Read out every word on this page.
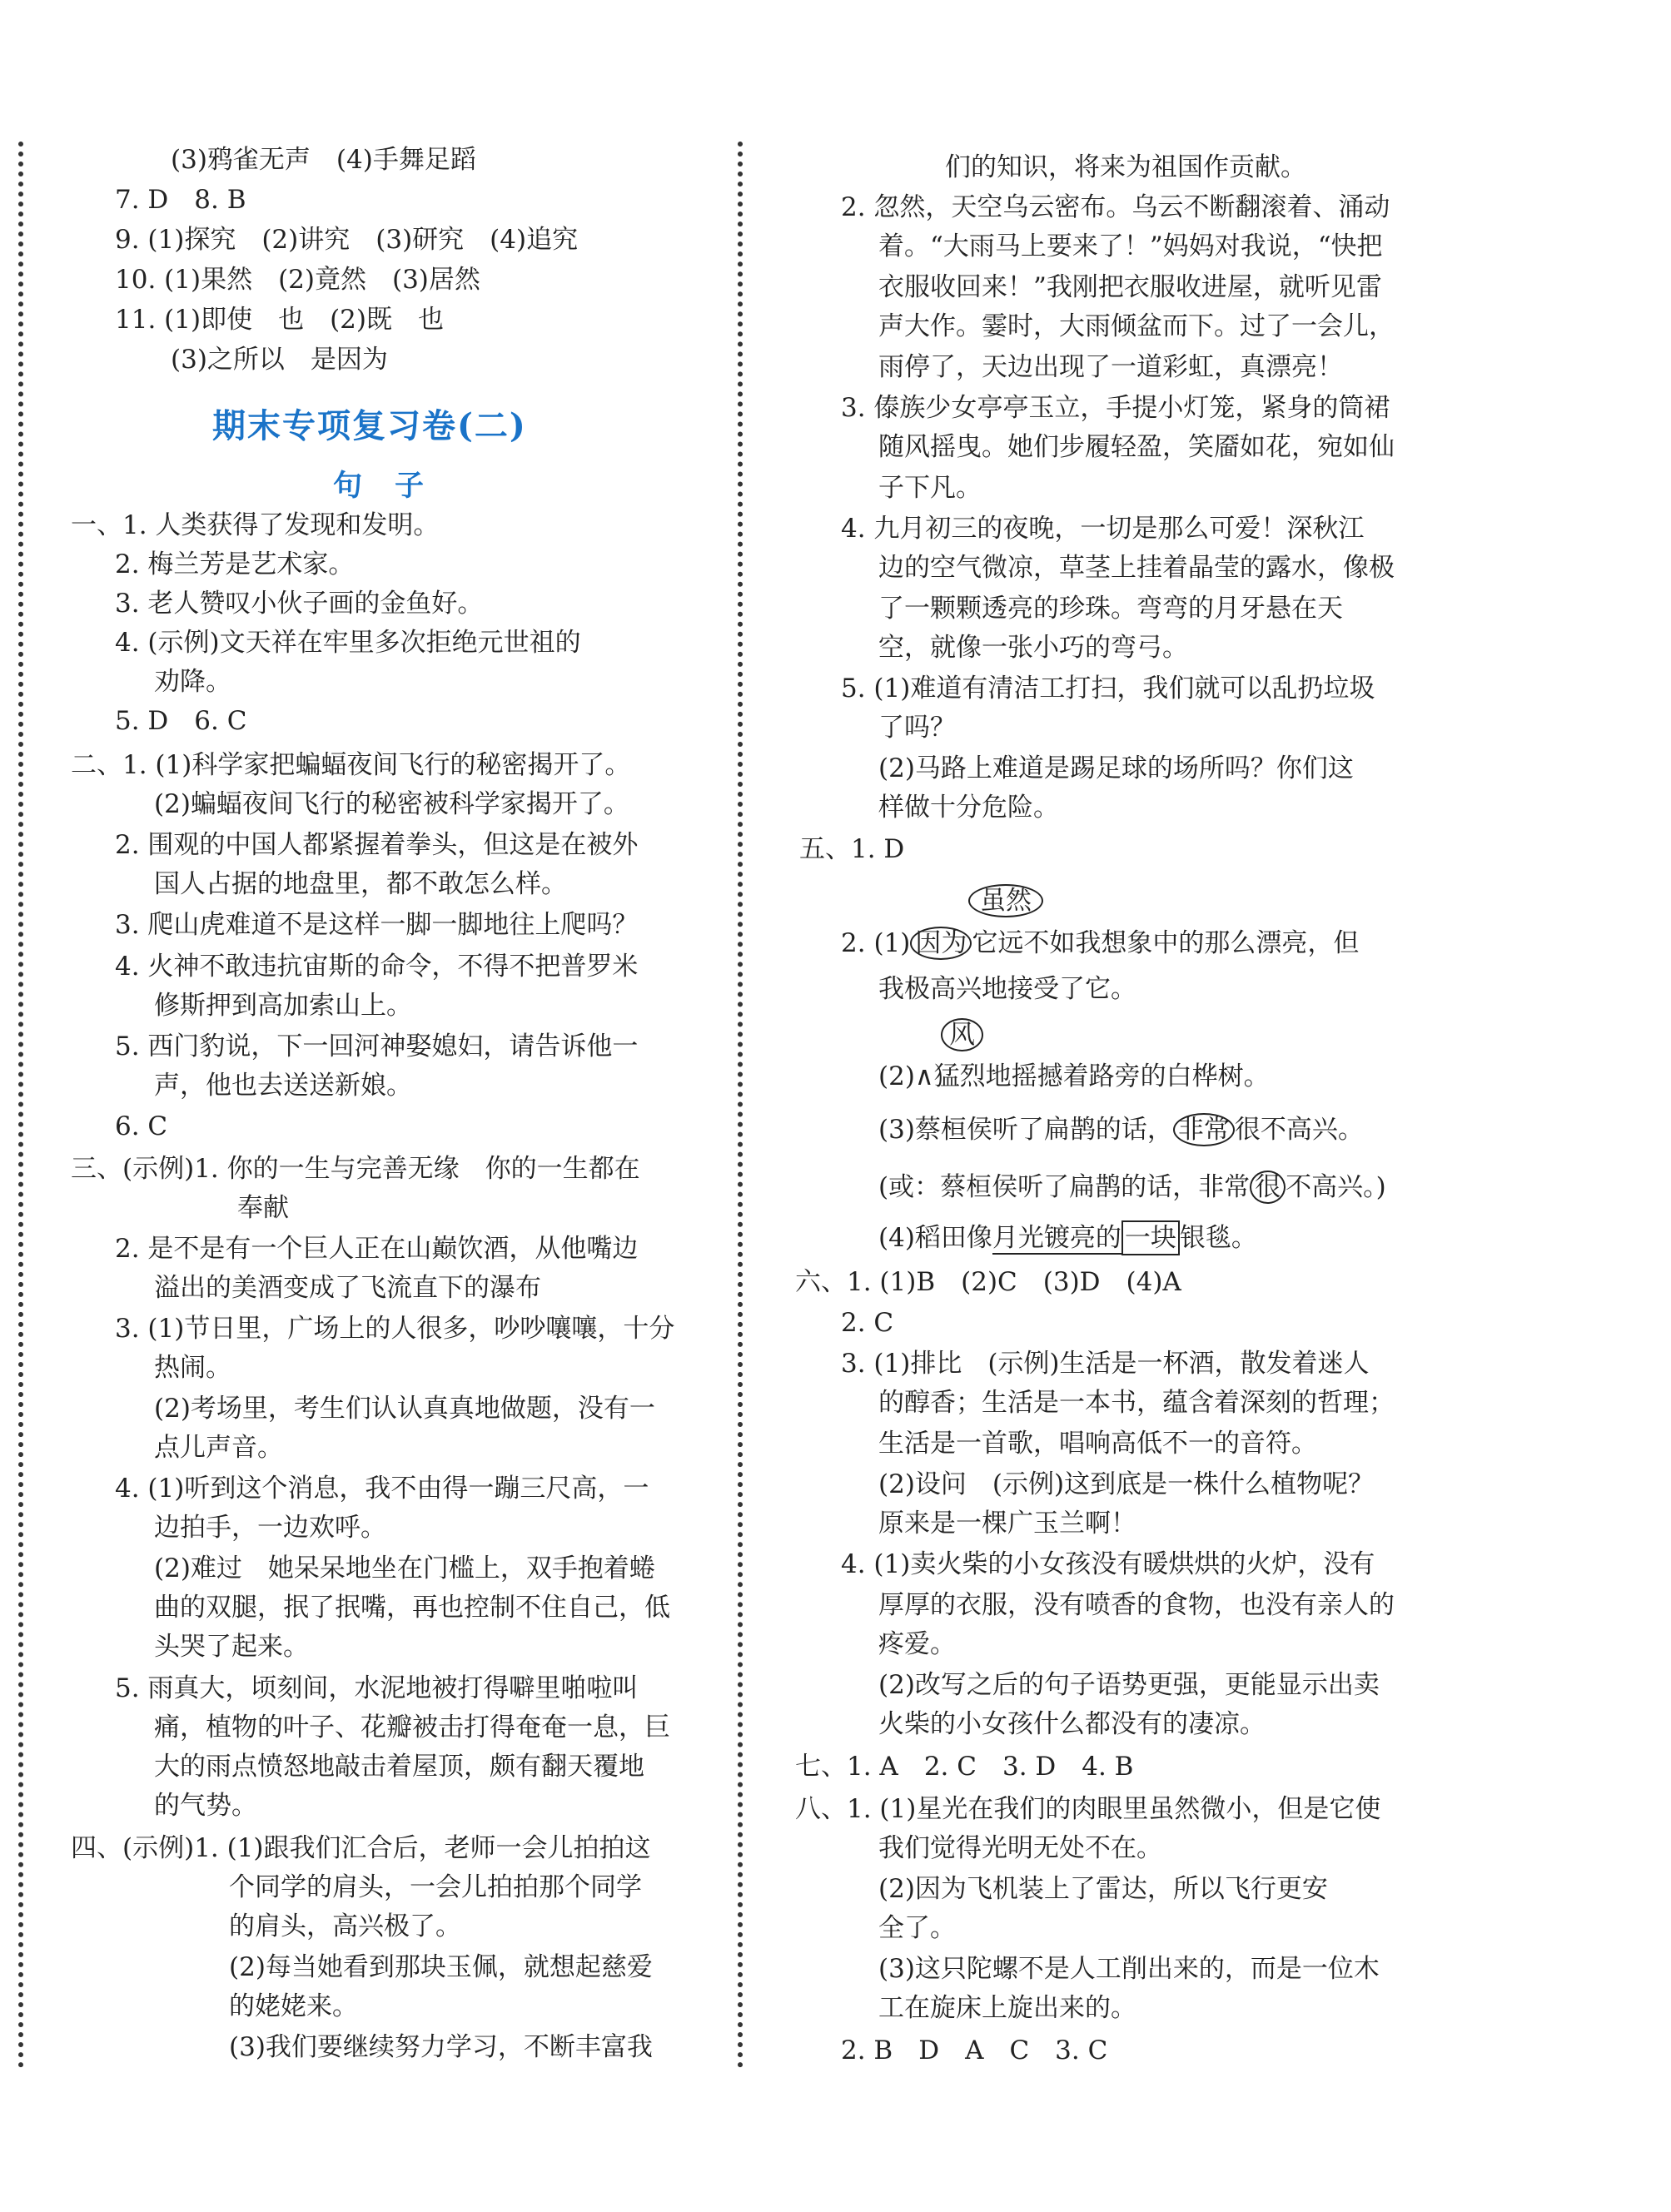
(3)鸦雀无声　(4)手舞足蹈
7. D　8. B
9. (1)探究　(2)讲究　(3)研究　(4)追究
10. (1)果然　(2)竟然　(3)居然
11. (1)即使　也　(2)既　也
(3)之所以　是因为
期末专项复习卷(二)
句　子
一、1. 人类获得了发现和发明。
2. 梅兰芳是艺术家。
3. 老人赞叹小伙子画的金鱼好。
4. (示例)文天祥在牢里多次拒绝元世祖的
劝降。
5. D　6. C
二、1. (1)科学家把蝙蝠夜间飞行的秘密揭开了。
(2)蝙蝠夜间飞行的秘密被科学家揭开了。
2. 围观的中国人都紧握着拳头，但这是在被外
国人占据的地盘里，都不敢怎么样。
3. 爬山虎难道不是这样一脚一脚地往上爬吗？
4. 火神不敢违抗宙斯的命令，不得不把普罗米
修斯押到高加索山上。
5. 西门豹说，下一回河神娶媳妇，请告诉他一
声，他也去送送新娘。
6. C
三、(示例)1. 你的一生与完善无缘　你的一生都在
奉献
2. 是不是有一个巨人正在山巅饮酒，从他嘴边
溢出的美酒变成了飞流直下的瀑布
3. (1)节日里，广场上的人很多，吵吵嚷嚷，十分
热闹。
(2)考场里，考生们认认真真地做题，没有一
点儿声音。
4. (1)听到这个消息，我不由得一蹦三尺高，一
边拍手，一边欢呼。
(2)难过　她呆呆地坐在门槛上，双手抱着蜷
曲的双腿，抿了抿嘴，再也控制不住自己，低
头哭了起来。
5. 雨真大，顷刻间，水泥地被打得噼里啪啦叫
痛，植物的叶子、花瓣被击打得奄奄一息，巨
大的雨点愤怒地敲击着屋顶，颇有翻天覆地
的气势。
四、(示例)1. (1)跟我们汇合后，老师一会儿拍拍这
个同学的肩头，一会儿拍拍那个同学
的肩头，高兴极了。
(2)每当她看到那块玉佩，就想起慈爱
的姥姥来。
(3)我们要继续努力学习，不断丰富我
们的知识，将来为祖国作贡献。
2. 忽然，天空乌云密布。乌云不断翻滚着、涌动
着。“大雨马上要来了！”妈妈对我说，“快把
衣服收回来！”我刚把衣服收进屋，就听见雷
声大作。霎时，大雨倾盆而下。过了一会儿，
雨停了，天边出现了一道彩虹，真漂亮！
3. 傣族少女亭亭玉立，手提小灯笼，紧身的筒裙
随风摇曳。她们步履轻盈，笑靥如花，宛如仙
子下凡。
4. 九月初三的夜晚，一切是那么可爱！深秋江
边的空气微凉，草茎上挂着晶莹的露水，像极
了一颗颗透亮的珍珠。弯弯的月牙悬在天
空，就像一张小巧的弯弓。
5. (1)难道有清洁工打扫，我们就可以乱扔垃圾
了吗？
(2)马路上难道是踢足球的场所吗？你们这
样做十分危险。
五、1. D
虽然
2. (1) 因为 它远不如我想象中的那么漂亮，但
我极高兴地接受了它。
风
(2)∧猛烈地摇撼着路旁的白桦树。
(3)蔡桓侯听了扁鹊的话， 非常 很不高兴。
(或：蔡桓侯听了扁鹊的话，非常 很 不高兴。)
(4)稻田像月光镀亮的 一块 银毯。
六、1. (1)B　(2)C　(3)D　(4)A
2. C
3. (1)排比　(示例)生活是一杯酒，散发着迷人
的醇香；生活是一本书，蕴含着深刻的哲理；
生活是一首歌，唱响高低不一的音符。
(2)设问　(示例)这到底是一株什么植物呢？
原来是一棵广玉兰啊！
4. (1)卖火柴的小女孩没有暖烘烘的火炉，没有
厚厚的衣服，没有喷香的食物，也没有亲人的
疼爱。
(2)改写之后的句子语势更强，更能显示出卖
火柴的小女孩什么都没有的凄凉。
七、1. A　2. C　3. D　4. B
八、1. (1)星光在我们的肉眼里虽然微小，但是它使
我们觉得光明无处不在。
(2)因为飞机装上了雷达，所以飞行更安
全了。
(3)这只陀螺不是人工削出来的，而是一位木
工在旋床上旋出来的。
2. B　D　A　C　3. C
